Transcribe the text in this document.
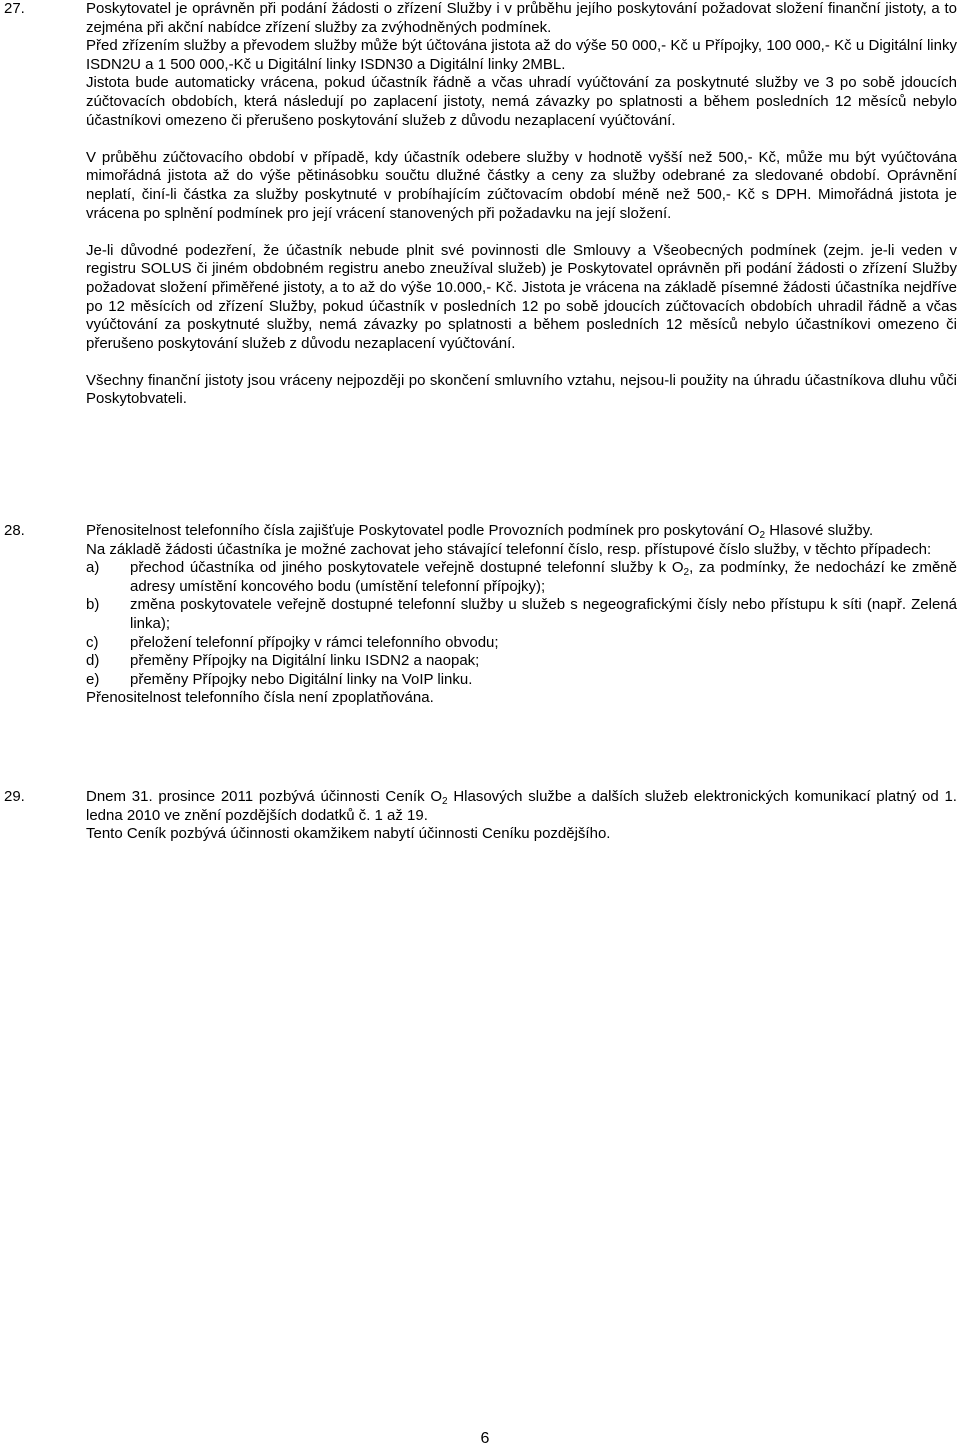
27.	Poskytovatel je oprávněn při podání žádosti o zřízení Služby i v průběhu jejího poskytování požadovat složení finanční jistoty, a to zejména při akční nabídce zřízení služby za zvýhodněných podmínek.

Před zřízením služby a převodem služby může být účtována jistota až do výše 50 000,- Kč u Přípojky, 100 000,- Kč u Digitální linky ISDN2U a 1 500 000,-Kč u Digitální linky ISDN30 a Digitální linky 2MBL.

Jistota bude automaticky vrácena, pokud účastník řádně a včas uhradí vyúčtování za poskytnuté služby ve 3 po sobě jdoucích zúčtovacích obdobích, která následují po zaplacení jistoty, nemá závazky po splatnosti a během posledních 12 měsíců nebylo účastníkovi omezeno či přerušeno poskytování služeb z důvodu nezaplacení vyúčtování.

V průběhu zúčtovacího období v případě, kdy účastník odebere služby v hodnotě vyšší než 500,- Kč, může mu být vyúčtována mimořádná jistota až do výše pětinásobku součtu dlužné částky a ceny za služby odebrané za sledované období. Oprávnění neplatí, činí-li částka za služby poskytnuté v probíhajícím zúčtovacím období méně než 500,- Kč s DPH. Mimořádná jistota je vrácena po splnění podmínek pro její vrácení stanovených při požadavku na její složení.

Je-li důvodné podezření, že účastník nebude plnit své povinnosti dle Smlouvy a Všeobecných podmínek (zejm. je-li veden v registru SOLUS či jiném obdobném registru anebo zneužíval služeb) je Poskytovatel oprávněn při podání žádosti o zřízení Služby požadovat složení přiměřené jistoty, a to až do výše 10.000,- Kč. Jistota je vrácena na základě písemné žádosti účastníka nejdříve po 12 měsících od zřízení Služby, pokud účastník v posledních 12 po sobě jdoucích zúčtovacích obdobích uhradil řádně a včas vyúčtování za poskytnuté služby, nemá závazky po splatnosti a během posledních 12 měsíců nebylo účastníkovi omezeno či přerušeno poskytování služeb z důvodu nezaplacení vyúčtování.

Všechny finanční jistoty jsou vráceny nejpozději po skončení smluvního vztahu, nejsou-li použity na úhradu účastníkova dluhu vůči Poskytobvateli.

28.	Přenositelnost telefonního čísla zajišťuje Poskytovatel podle Provozních podmínek pro poskytování $O_2$ Hlasové služby.

Na základě žádosti účastníka je možné zachovat jeho stávající telefonní číslo, resp. přístupové číslo služby, v těchto případech:

a) přechod účastníka od jiného poskytovatele veřejně dostupné telefonní služby k $O_2$, za podmínky, že nedochází ke změně adresy umístění koncového bodu (umístění telefonní přípojky);

b) změna poskytovatele veřejně dostupné telefonní služby u služeb s negeografickými čísly nebo přístupu k síti (např. Zelená linka);

c) přeložení telefonní přípojky v rámci telefonního obvodu;

d) přeměny Přípojky na Digitální linku ISDN2 a naopak;

e) přeměny Přípojky nebo Digitální linky na VoIP linku.

Přenositelnost telefonního čísla není zpoplatňována.

29.	Dnem 31. prosince 2011 pozbývá účinnosti Ceník $O_2$ Hlasových službe a dalších služeb elektronických komunikací platný od 1. ledna 2010 ve znění pozdějších dodatků č. 1 až 19.

Tento Ceník pozbývá účinnosti okamžikem nabytí účinnosti Ceníku pozdějšího.

6
